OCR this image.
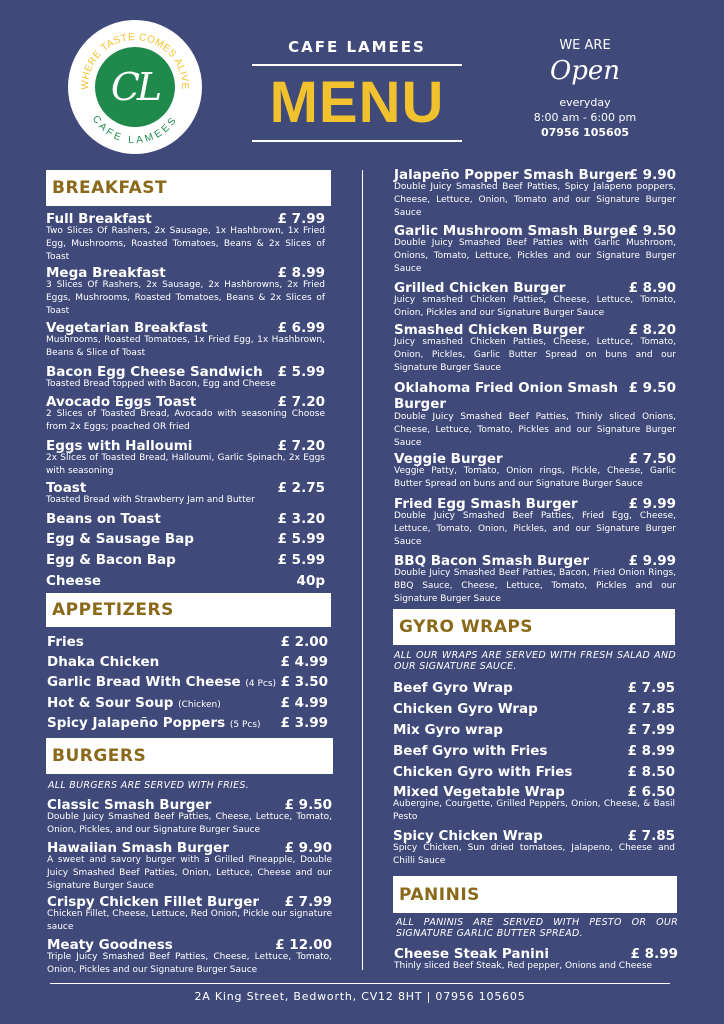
WHERE TASTE COMES ALIVE
CAFE LAMEES
CL
CAFE LAMEES
MENU
WE ARE
Open
everyday
8:00 am - 6:00 pm
07956 105605
BREAKFAST
Full Breakfast	£ 7.99
Two Slices Of Rashers, 2x Sausage, 1x Hashbrown, 1x Fried Egg, Mushrooms, Roasted Tomatoes, Beans & 2x Slices of Toast
Mega Breakfast	£ 8.99
3 Slices Of Rashers, 2x Sausage, 2x Hashbrowns, 2x Fried Eggs, Mushrooms, Roasted Tomatoes, Beans & 2x Slices of Toast
Vegetarian Breakfast	£ 6.99
Mushrooms, Roasted Tomatoes, 1x Fried Egg, 1x Hashbrown, Beans & Slice of Toast
Bacon Egg Cheese Sandwich £ 5.99
Toasted Bread topped with Bacon, Egg and Cheese
Avocado Eggs Toast	£ 7.20
2 Slices of Toasted Bread, Avocado with seasoning Choose from 2x Eggs; poached OR fried
Eggs with Halloumi	£ 7.20
2x Slices of Toasted Bread, Halloumi, Garlic Spinach, 2x Eggs with seasoning
Toast	£ 2.75
Toasted Bread with Strawberry Jam and Butter
Beans on Toast	£ 3.20
Egg & Sausage Bap	£ 5.99
Egg & Bacon Bap	£ 5.99
Cheese	40p
APPETIZERS
Fries	£ 2.00
Dhaka Chicken	£ 4.99
Garlic Bread With Cheese (4 Pcs) £ 3.50
Hot & Sour Soup (Chicken)	£ 4.99
Spicy Jalapeño Poppers (5 Pcs) £ 3.99
BURGERS
ALL BURGERS ARE SERVED WITH FRIES.
Classic Smash Burger	£ 9.50
Double Juicy Smashed Beef Patties, Cheese, Lettuce, Tomato, Onion, Pickles, and our Signature Burger Sauce
Hawaiian Smash Burger	£ 9.90
A sweet and savory burger with a Grilled Pineapple, Double Juicy Smashed Beef Patties, Onion, Lettuce, Cheese and our Signature Burger Sauce
Crispy Chicken Fillet Burger £ 7.99
Chicken Fillet, Cheese, Lettuce, Red Onion, Pickle our signature sauce
Meaty Goodness	£ 12.00
Triple Juicy Smashed Beef Patties, Cheese, Lettuce, Tomato, Onion, Pickles and our Signature Burger Sauce
Jalapeño Popper Smash Burger
£ 9.90
Double Juicy Smashed Beef Patties, Spicy Jalapeno poppers, Cheese, Lettuce, Onion, Tomato and our Signature Burger Sauce
Garlic Mushroom Smash Burger
£ 9.50
Double Juicy Smashed Beef Patties with Garlic Mushroom, Onions, Tomato, Lettuce, Pickles and our Signature Burger Sauce
Grilled Chicken Burger	£ 8.90
Juicy smashed Chicken Patties, Cheese, Lettuce, Tomato, Onion, Pickles and our Signature Burger Sauce
Smashed Chicken Burger	£ 8.20
Juicy smashed Chicken Patties, Cheese, Lettuce, Tomato, Onion, Pickles, Garlic Butter Spread on buns and our Signature Burger Sauce
Oklahoma Fried Onion Smash
Burger
£ 9.50
Double Juicy Smashed Beef Patties, Thinly sliced Onions, Cheese, Lettuce, Tomato, Pickles and our Signature Burger Sauce
Veggie Burger	£ 7.50
Veggie Patty, Tomato, Onion rings, Pickle, Cheese, Garlic Butter Spread on buns and our Signature Burger Sauce
Fried Egg Smash Burger	£ 9.99
Double Juicy Smashed Beef Patties, Fried Egg, Cheese, Lettuce, Tomato, Onion, Pickles, and our Signature Burger Sauce
BBQ Bacon Smash Burger	£ 9.99
Double Juicy Smashed Beef Patties, Bacon, Fried Onion Rings, BBQ Sauce, Cheese, Lettuce, Tomato, Pickles and our Signature Burger Sauce
GYRO WRAPS
ALL OUR WRAPS ARE SERVED WITH FRESH SALAD AND OUR SIGNATURE SAUCE.
Beef Gyro Wrap	£ 7.95
Chicken Gyro Wrap	£ 7.85
Mix Gyro wrap	£ 7.99
Beef Gyro with Fries	£ 8.99
Chicken Gyro with Fries	£ 8.50
Mixed Vegetable Wrap	£ 6.50
Aubergine, Courgette, Grilled Peppers, Onion, Cheese, & Basil Pesto
Spicy Chicken Wrap	£ 7.85
Spicy Chicken, Sun dried tomatoes, Jalapeno, Cheese and Chilli Sauce
PANINIS
ALL PANINIS ARE SERVED WITH PESTO OR OUR SIGNATURE GARLIC BUTTER SPREAD.
Cheese Steak Panini	£ 8.99
Thinly sliced Beef Steak, Red pepper, Onions and Cheese
2A King Street, Bedworth, CV12 8HT | 07956 105605
